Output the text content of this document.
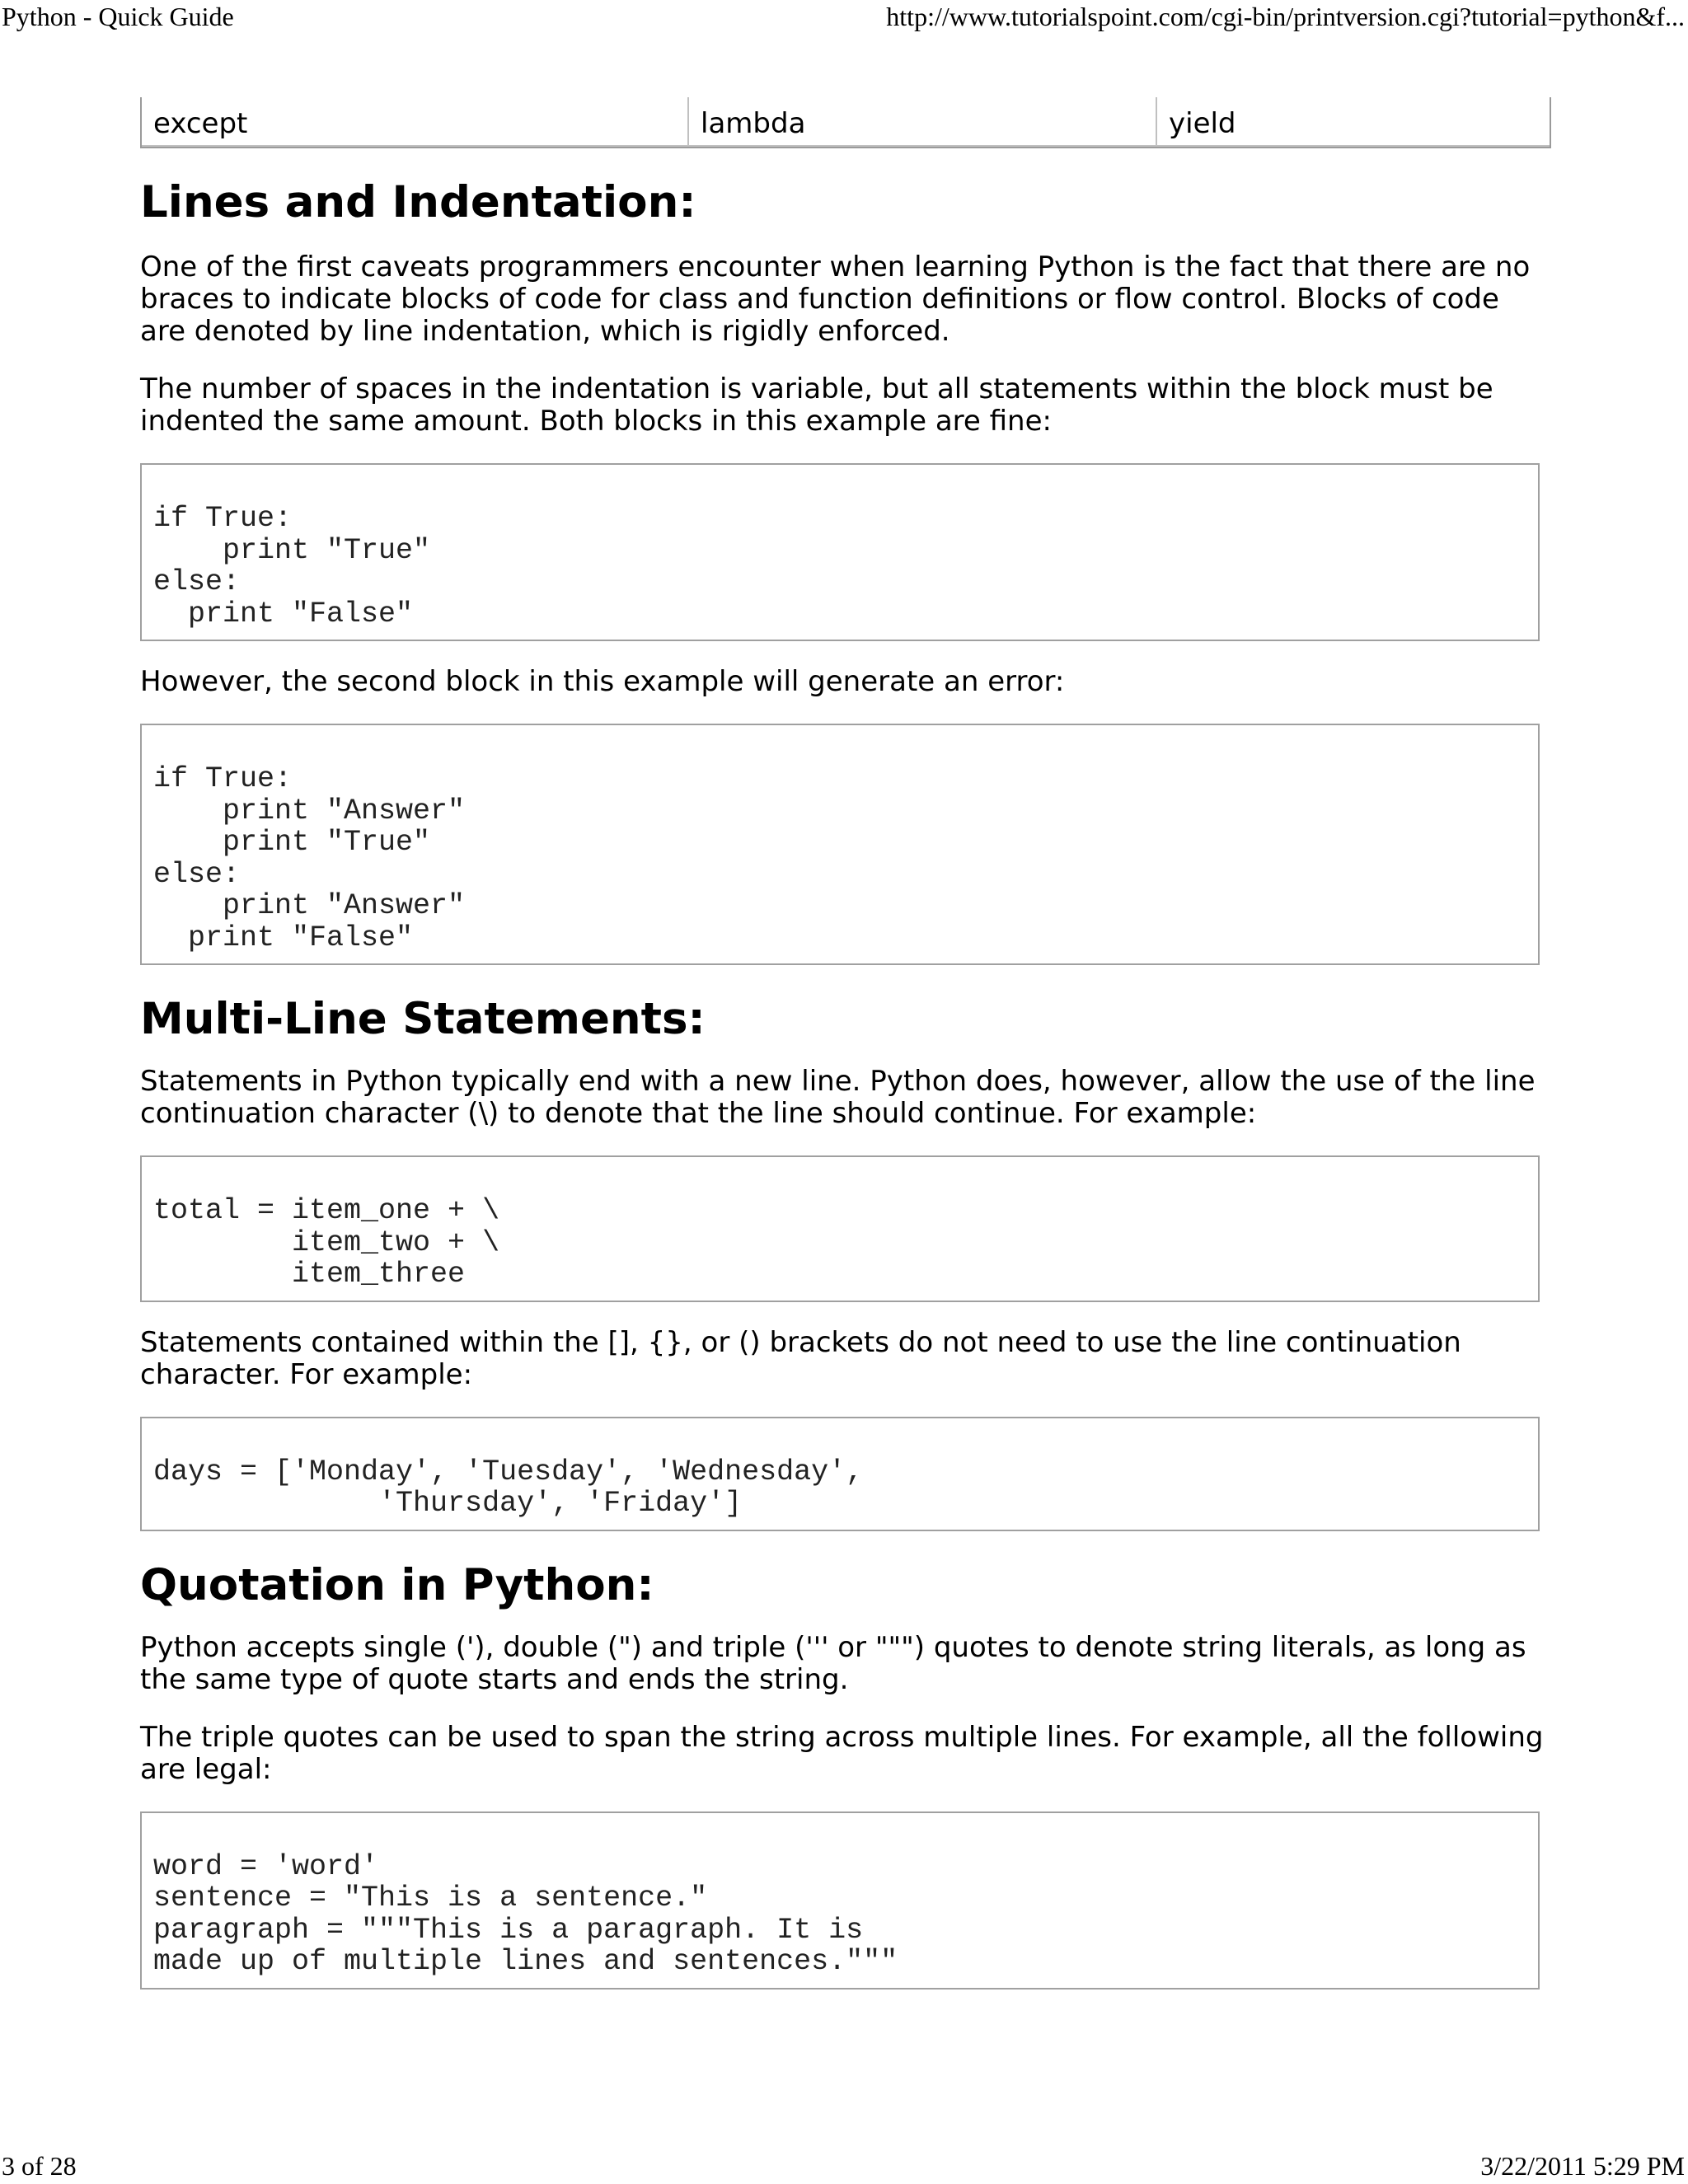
Python - Quick Guide	http://www.tutorialspoint.com/cgi-bin/printversion.cgi?tutorial=python&f...
except	lambda	yield
Lines and Indentation:

One of the first caveats programmers encounter when learning Python is the fact that there are no braces to indicate blocks of code for class and function definitions or flow control. Blocks of code are denoted by line indentation, which is rigidly enforced.

The number of spaces in the indentation is variable, but all statements within the block must be indented the same amount. Both blocks in this example are fine:

if True:
print "True"
else:
print "False"

However, the second block in this example will generate an error:

if True:
print "Answer"
print "True"
else:
print "Answer"
print "False"
Multi-Line Statements:

Statements in Python typically end with a new line. Python does, however, allow the use of the line continuation character (\) to denote that the line should continue. For example:

total = item_one + \
item_two + \
item_three

Statements contained within the [], {}, or () brackets do not need to use the line continuation character. For example:

days = ['Monday', 'Tuesday', 'Wednesday',
'Thursday', 'Friday']
Quotation in Python:

Python accepts single ('), double (") and triple (''' or """) quotes to denote string literals, as long as the same type of quote starts and ends the string.

The triple quotes can be used to span the string across multiple lines. For example, all the following are legal:

word = 'word'
sentence = "This is a sentence."
paragraph = """This is a paragraph. It is
made up of multiple lines and sentences."""
3 of 28	3/22/2011 5:29 PM
